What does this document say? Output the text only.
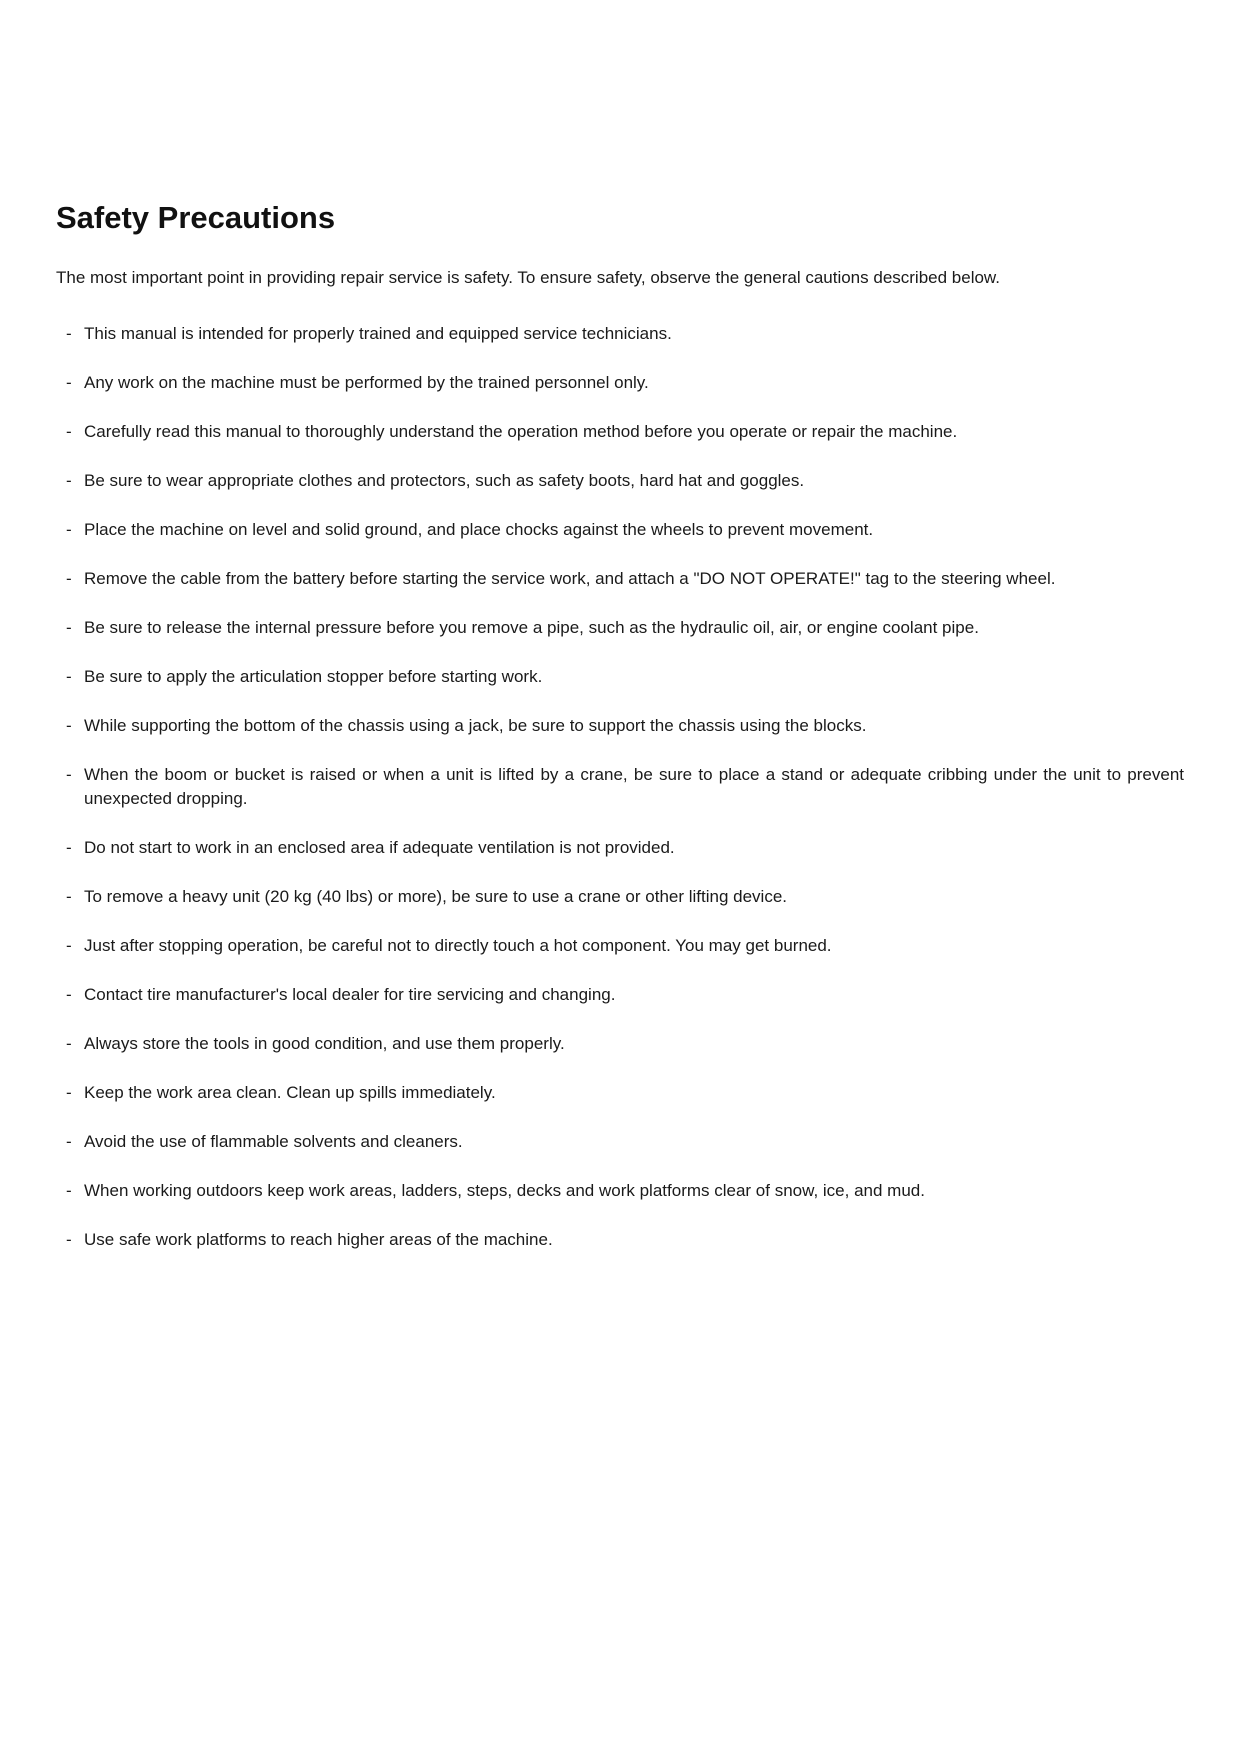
Safety Precautions

The most important point in providing repair service is safety. To ensure safety, observe the general cautions described below.

- This manual is intended for properly trained and equipped service technicians.
- Any work on the machine must be performed by the trained personnel only.
- Carefully read this manual to thoroughly understand the operation method before you operate or repair the machine.
- Be sure to wear appropriate clothes and protectors, such as safety boots, hard hat and goggles.
- Place the machine on level and solid ground, and place chocks against the wheels to prevent movement.
- Remove the cable from the battery before starting the service work, and attach a "DO NOT OPERATE!" tag to the steering wheel.
- Be sure to release the internal pressure before you remove a pipe, such as the hydraulic oil, air, or engine coolant pipe.
- Be sure to apply the articulation stopper before starting work.
- While supporting the bottom of the chassis using a jack, be sure to support the chassis using the blocks.
- When the boom or bucket is raised or when a unit is lifted by a crane, be sure to place a stand or adequate cribbing under the unit to prevent unexpected dropping.
- Do not start to work in an enclosed area if adequate ventilation is not provided.
- To remove a heavy unit (20 kg (40 lbs) or more), be sure to use a crane or other lifting device.
- Just after stopping operation, be careful not to directly touch a hot component. You may get burned.
- Contact tire manufacturer's local dealer for tire servicing and changing.
- Always store the tools in good condition, and use them properly.
- Keep the work area clean. Clean up spills immediately.
- Avoid the use of flammable solvents and cleaners.
- When working outdoors keep work areas, ladders, steps, decks and work platforms clear of snow, ice, and mud.
- Use safe work platforms to reach higher areas of the machine.
